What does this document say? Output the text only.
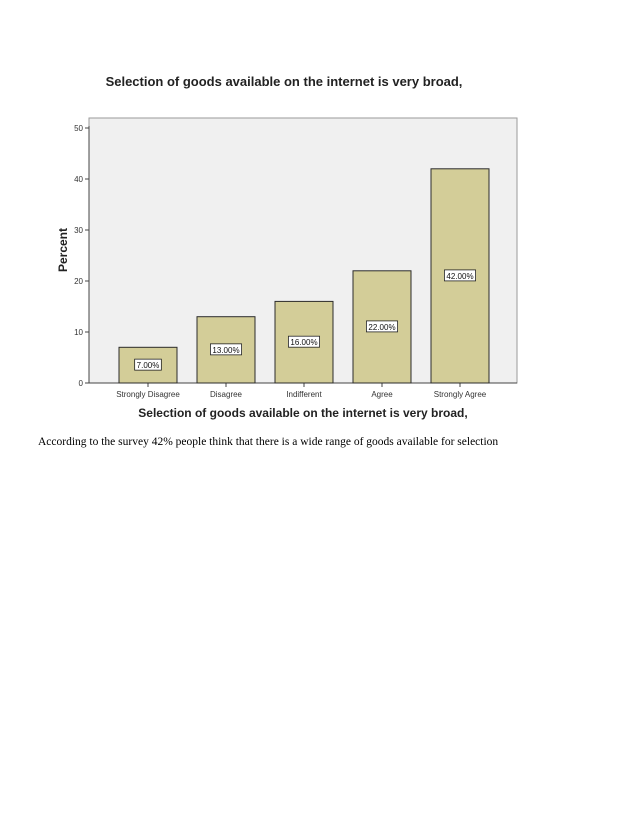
Selection of goods available on the internet is very broad,
Percent
Selection of goods available on the internet is very broad,
0
10
20
30
40
50
Strongly Disagree	Disagree	Indifferent	Agree	Strongly Agree
7.00%
13.00%
16.00%
22.00%
42.00%

According to the survey 42% people think that there is a wide range of goods available for selection
